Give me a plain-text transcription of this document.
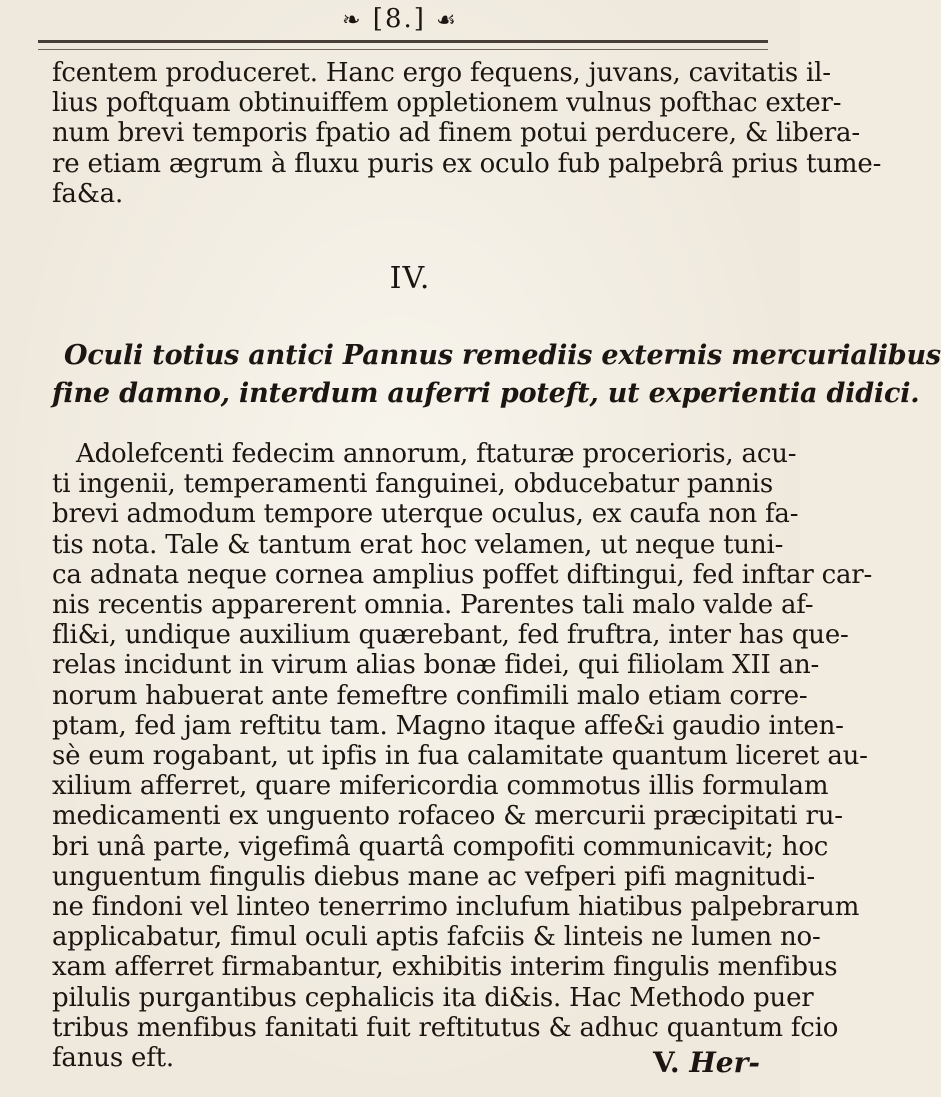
❧ [8.] ☙
fcentem produceret. Hanc ergo fequens, juvans, cavitatis il-
lius poftquam obtinuiffem oppletionem vulnus pofthac exter-
num brevi temporis fpatio ad finem potui perducere, & libera-
re etiam ægrum à fluxu puris ex oculo fub palpebrâ prius tume-
fa&a.
IV.
Oculi totius antici Pannus remediis externis mercurialibus
fine damno, interdum auferri poteft, ut experientia didici.
Adolefcenti fedecim annorum, ftaturæ procerioris, acu-
ti ingenii, temperamenti fanguinei, obducebatur pannis
brevi admodum tempore uterque oculus, ex caufa non fa-
tis nota. Tale & tantum erat hoc velamen, ut neque tuni-
ca adnata neque cornea amplius poffet diftingui, fed inftar car-
nis recentis apparerent omnia. Parentes tali malo valde af-
fli&i, undique auxilium quærebant, fed fruftra, inter has que-
relas incidunt in virum alias bonæ fidei, qui filiolam XII an-
norum habuerat ante femeftre confimili malo etiam corre-
ptam, fed jam reftitu tam. Magno itaque affe&i gaudio inten-
sè eum rogabant, ut ipfis in fua calamitate quantum liceret au-
xilium afferret, quare mifericordia commotus illis formulam
medicamenti ex unguento rofaceo & mercurii præcipitati ru-
bri unâ parte, vigefimâ quartâ compofiti communicavit; hoc
unguentum fingulis diebus mane ac vefperi pifi magnitudi-
ne findoni vel linteo tenerrimo inclufum hiatibus palpebrarum
applicabatur, fimul oculi aptis fafciis & linteis ne lumen no-
xam afferret firmabantur, exhibitis interim fingulis menfibus
pilulis purgantibus cephalicis ita di&is. Hac Methodo puer
tribus menfibus fanitati fuit reftitutus & adhuc quantum fcio
fanus eft.	V. Her-
